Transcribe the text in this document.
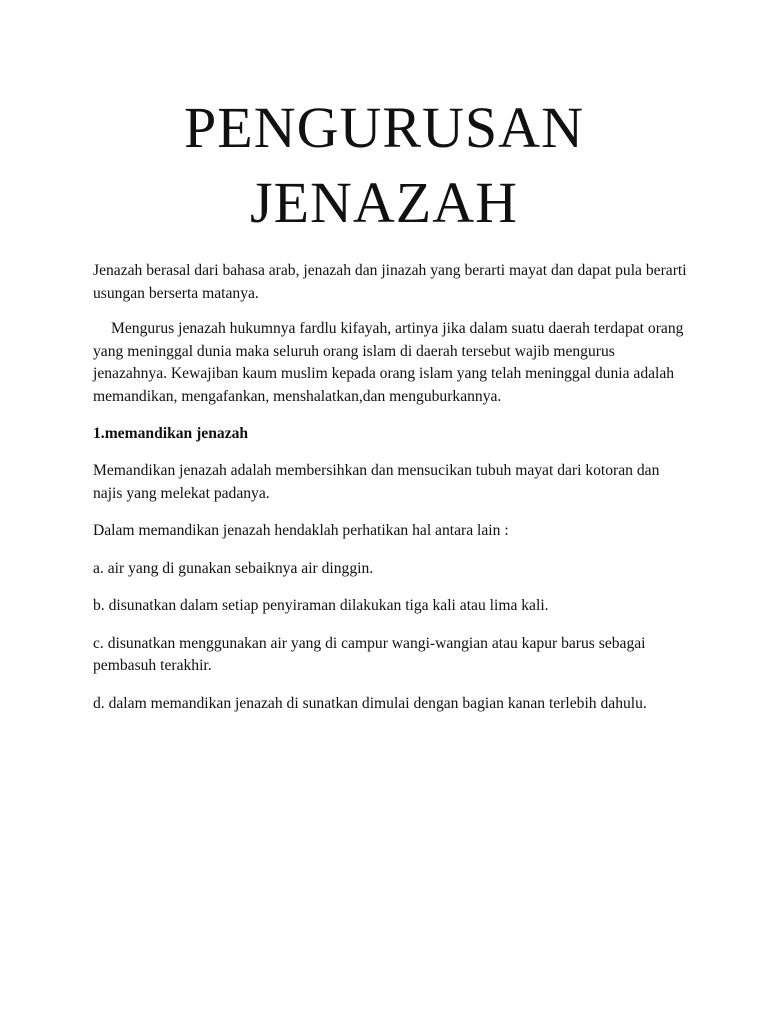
PENGURUSAN
JENAZAH

Jenazah berasal dari bahasa arab, jenazah dan jinazah yang berarti mayat dan dapat pula berarti usungan berserta matanya.

Mengurus jenazah hukumnya fardlu kifayah, artinya jika dalam suatu daerah terdapat orang yang meninggal dunia maka seluruh orang islam di daerah tersebut wajib mengurus jenazahnya. Kewajiban kaum muslim kepada orang islam yang telah meninggal dunia adalah memandikan, mengafankan, menshalatkan,dan menguburkannya.

1.memandikan jenazah

Memandikan jenazah adalah membersihkan dan mensucikan tubuh mayat dari kotoran dan najis yang melekat padanya.

Dalam memandikan jenazah hendaklah perhatikan hal antara lain :

a. air yang di gunakan sebaiknya air dinggin.

b. disunatkan dalam setiap penyiraman dilakukan tiga kali atau lima kali.

c. disunatkan menggunakan air yang di campur wangi-wangian atau kapur barus sebagai pembasuh terakhir.

d. dalam memandikan jenazah di sunatkan dimulai dengan bagian kanan terlebih dahulu.
